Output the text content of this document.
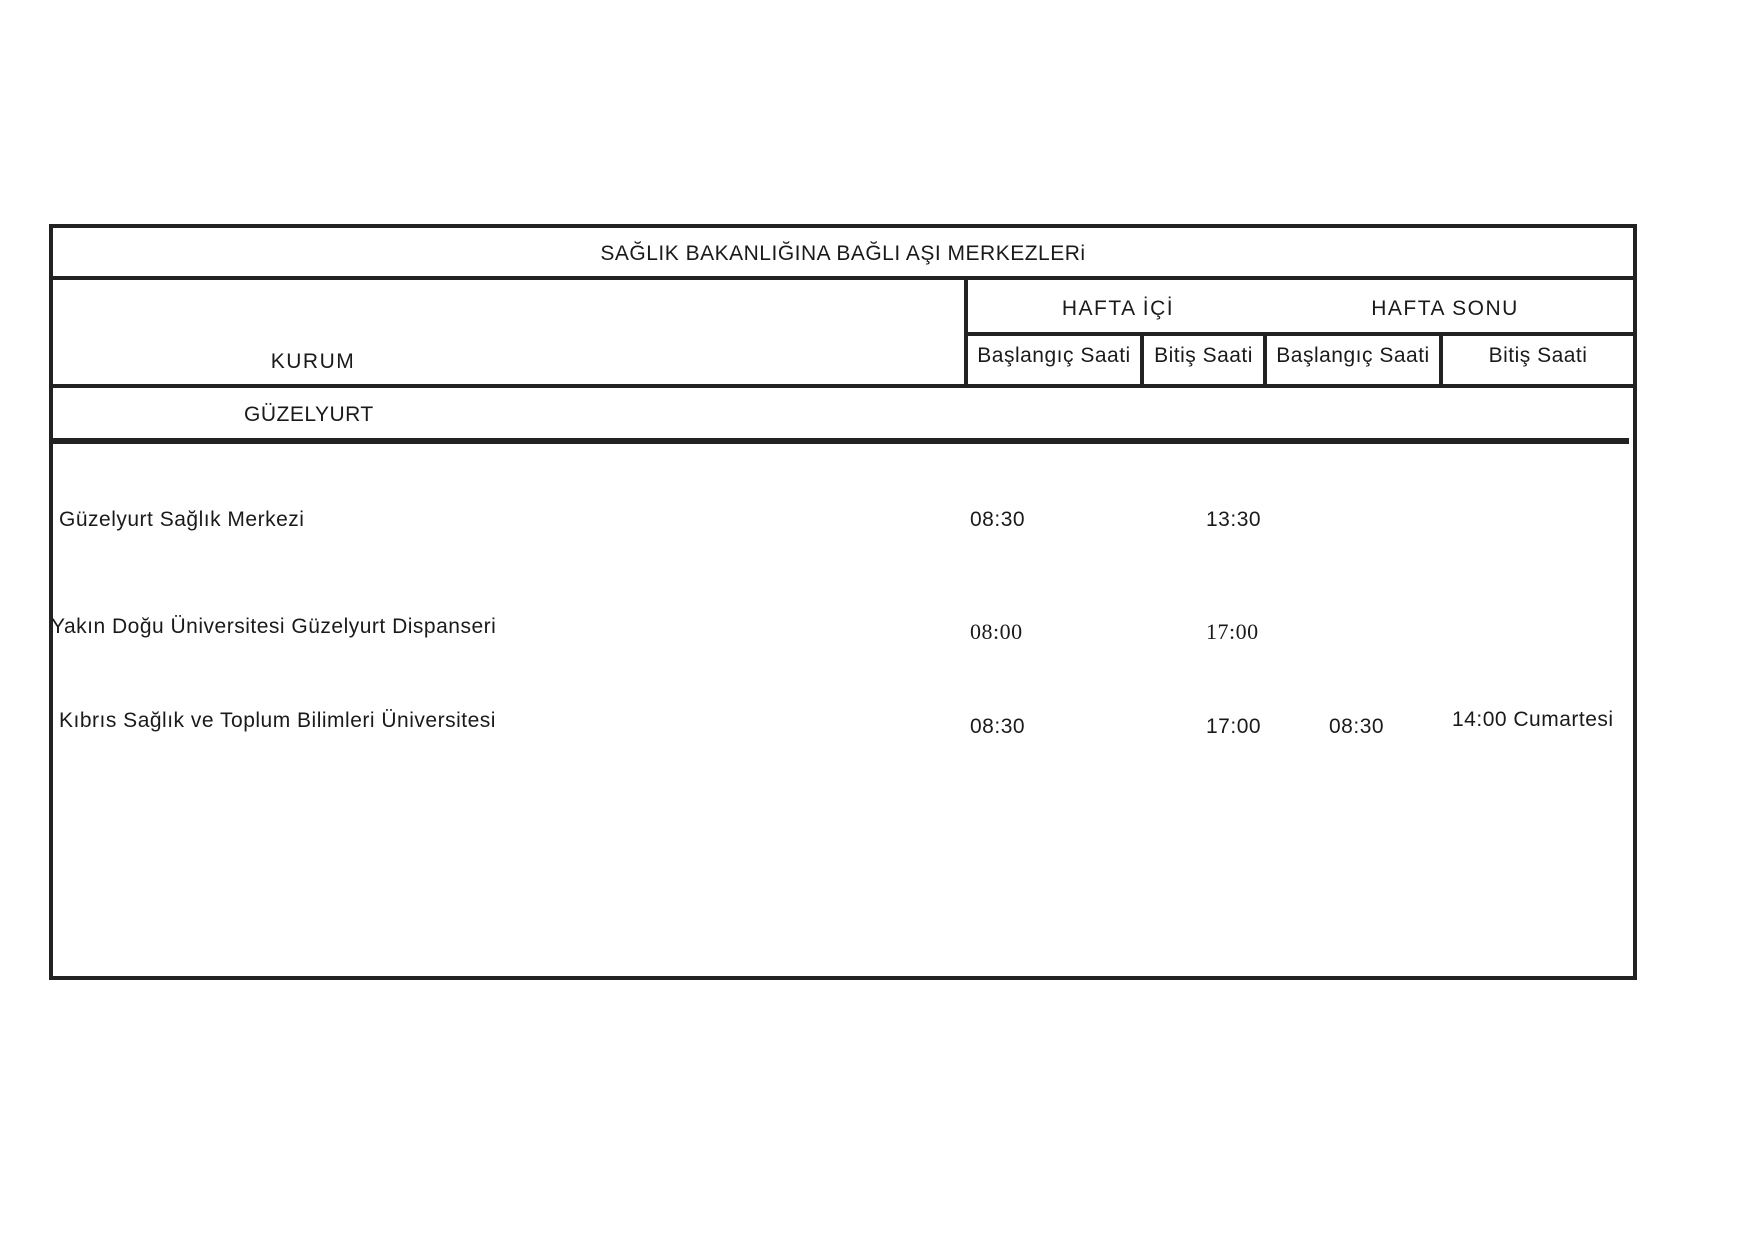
SAĞLIK BAKANLIĞINA BAĞLI AŞI MERKEZLERi
KURUM
HAFTA İÇİ	HAFTA SONU
Başlangıç Saati	Bitiş Saati	Başlangıç Saati	Bitiş Saati
GÜZELYURT
Güzelyurt Sağlık Merkezi	08:30	13:30
Yakın Doğu Üniversitesi Güzelyurt Dispanseri	08:00	17:00
Kıbrıs Sağlık ve Toplum Bilimleri Üniversitesi	08:30	17:00	08:30	14:00 Cumartesi
